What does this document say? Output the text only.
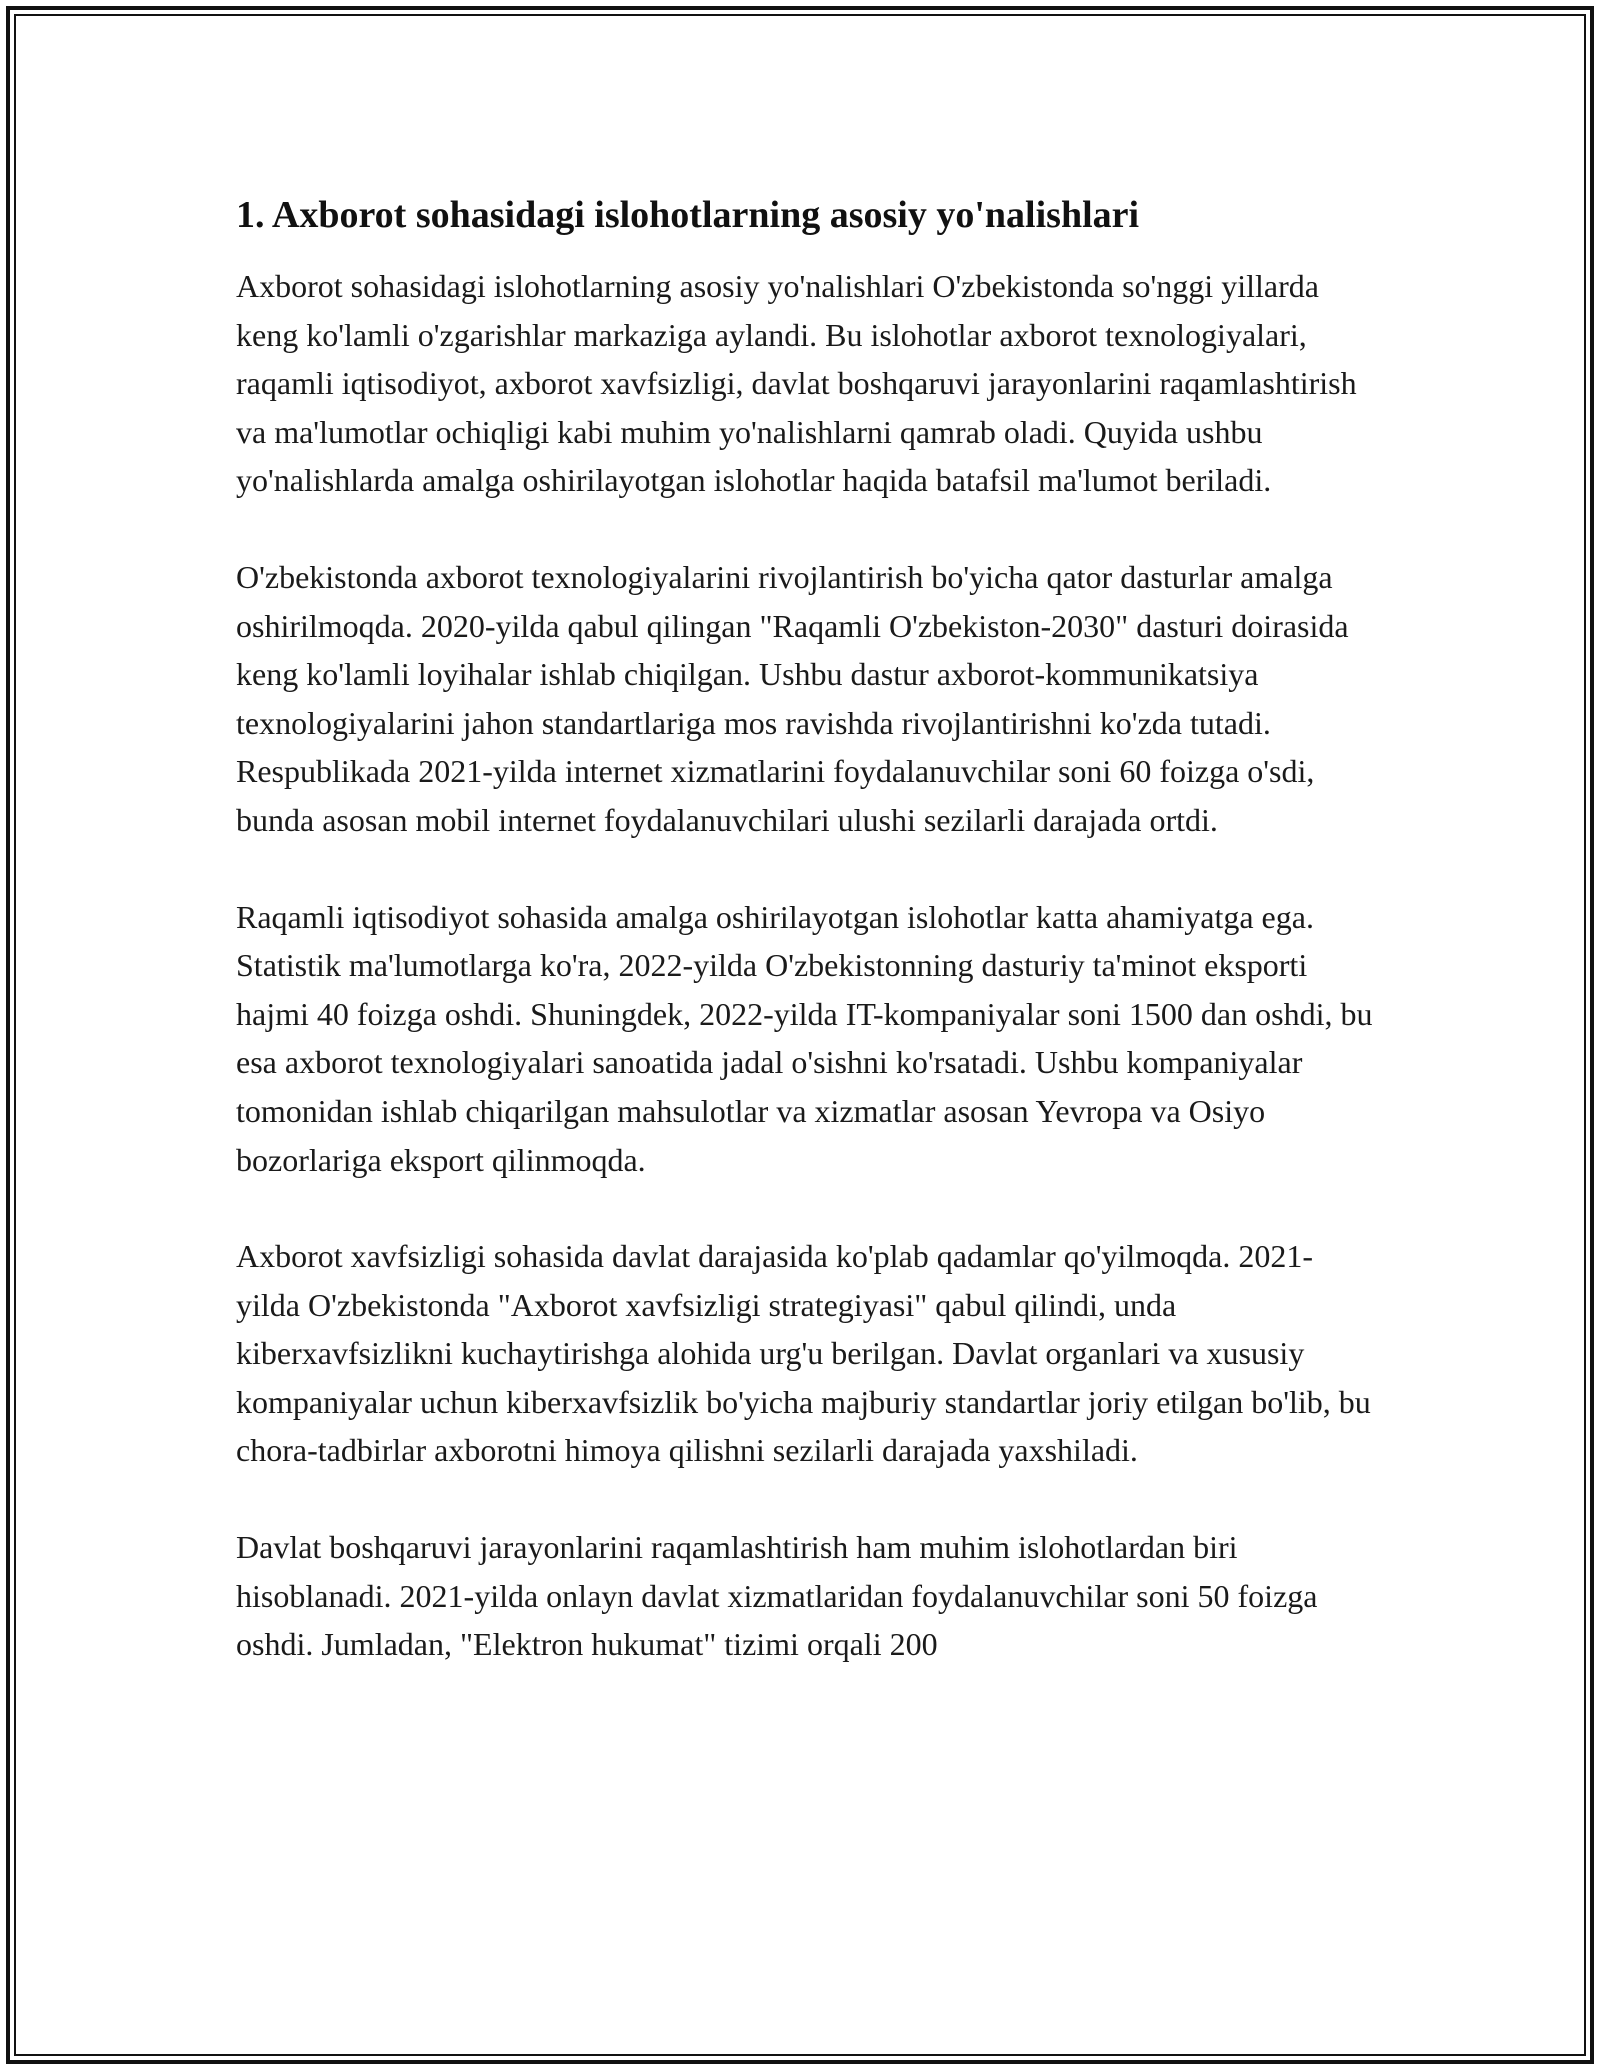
1. Axborot sohasidagi islohotlarning asosiy yo'nalishlari

Axborot sohasidagi islohotlarning asosiy yo'nalishlari O'zbekistonda so'nggi yillarda keng ko'lamli o'zgarishlar markaziga aylandi. Bu islohotlar axborot texnologiyalari, raqamli iqtisodiyot, axborot xavfsizligi, davlat boshqaruvi jarayonlarini raqamlashtirish va ma'lumotlar ochiqligi kabi muhim yo'nalishlarni qamrab oladi. Quyida ushbu yo'nalishlarda amalga oshirilayotgan islohotlar haqida batafsil ma'lumot beriladi.

O'zbekistonda axborot texnologiyalarini rivojlantirish bo'yicha qator dasturlar amalga oshirilmoqda. 2020-yilda qabul qilingan "Raqamli O'zbekiston-2030" dasturi doirasida keng ko'lamli loyihalar ishlab chiqilgan. Ushbu dastur axborot-kommunikatsiya texnologiyalarini jahon standartlariga mos ravishda rivojlantirishni ko'zda tutadi. Respublikada 2021-yilda internet xizmatlarini foydalanuvchilar soni 60 foizga o'sdi, bunda asosan mobil internet foydalanuvchilari ulushi sezilarli darajada ortdi.

Raqamli iqtisodiyot sohasida amalga oshirilayotgan islohotlar katta ahamiyatga ega. Statistik ma'lumotlarga ko'ra, 2022-yilda O'zbekistonning dasturiy ta'minot eksporti hajmi 40 foizga oshdi. Shuningdek, 2022-yilda IT-kompaniyalar soni 1500 dan oshdi, bu esa axborot texnologiyalari sanoatida jadal o'sishni ko'rsatadi. Ushbu kompaniyalar tomonidan ishlab chiqarilgan mahsulotlar va xizmatlar asosan Yevropa va Osiyo bozorlariga eksport qilinmoqda.

Axborot xavfsizligi sohasida davlat darajasida ko'plab qadamlar qo'yilmoqda. 2021-yilda O'zbekistonda "Axborot xavfsizligi strategiyasi" qabul qilindi, unda kiberxavfsizlikni kuchaytirishga alohida urg'u berilgan. Davlat organlari va xususiy kompaniyalar uchun kiberxavfsizlik bo'yicha majburiy standartlar joriy etilgan bo'lib, bu chora-tadbirlar axborotni himoya qilishni sezilarli darajada yaxshiladi.

Davlat boshqaruvi jarayonlarini raqamlashtirish ham muhim islohotlardan biri hisoblanadi. 2021-yilda onlayn davlat xizmatlaridan foydalanuvchilar soni 50 foizga oshdi. Jumladan, "Elektron hukumat" tizimi orqali 200
